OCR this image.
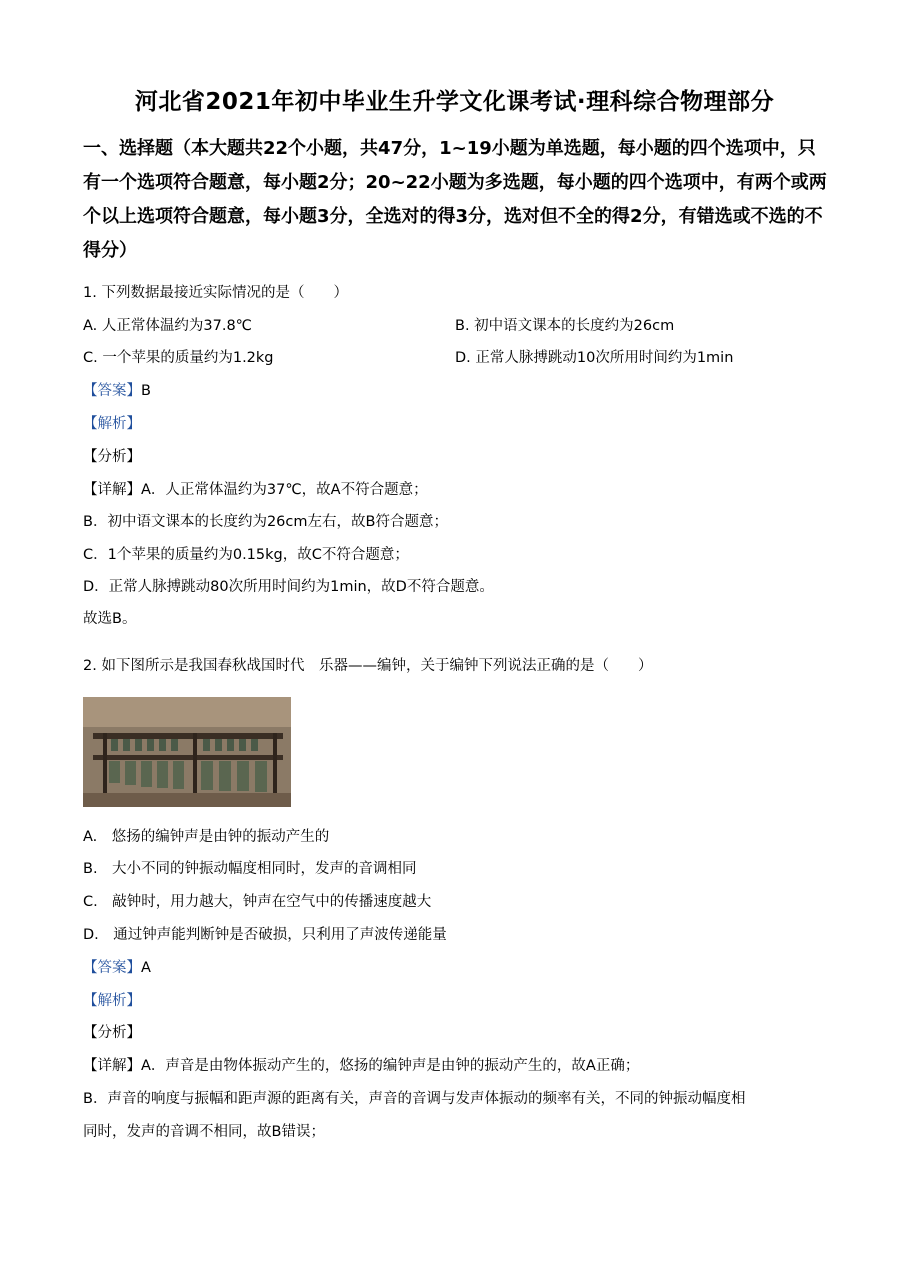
河北省2021年初中毕业生升学文化课考试·理科综合物理部分
一、选择题（本大题共22个小题，共47分，1~19小题为单选题，每小题的四个选项中，只有一个选项符合题意，每小题2分；20~22小题为多选题，每小题的四个选项中，有两个或两个以上选项符合题意，每小题3分，全选对的得3分，选对但不全的得2分，有错选或不选的不得分）
1. 下列数据最接近实际情况的是（　　）
A. 人正常体温约为37.8℃	B. 初中语文课本的长度约为26cm
C. 一个苹果的质量约为1.2kg	D. 正常人脉搏跳动10次所用时间约为1min
【答案】B
【解析】
【分析】
【详解】A．人正常体温约为37℃，故A不符合题意；
B．初中语文课本的长度约为26cm左右，故B符合题意；
C．1个苹果的质量约为0.15kg，故C不符合题意；
D．正常人脉搏跳动80次所用时间约为1min，故D不符合题意。
故选B。
2. 如下图所示是我国春秋战国时代　乐器——编钟，关于编钟下列说法正确的是（　　）
A.　悠扬的编钟声是由钟的振动产生的
B.　大小不同的钟振动幅度相同时，发声的音调相同
C.　敲钟时，用力越大，钟声在空气中的传播速度越大
D.　通过钟声能判断钟是否破损，只利用了声波传递能量
【答案】A
【解析】
【分析】
【详解】A．声音是由物体振动产生的，悠扬的编钟声是由钟的振动产生的，故A正确；
B．声音的响度与振幅和距声源的距离有关，声音的音调与发声体振动的频率有关，不同的钟振动幅度相
同时，发声的音调不相同，故B错误；
